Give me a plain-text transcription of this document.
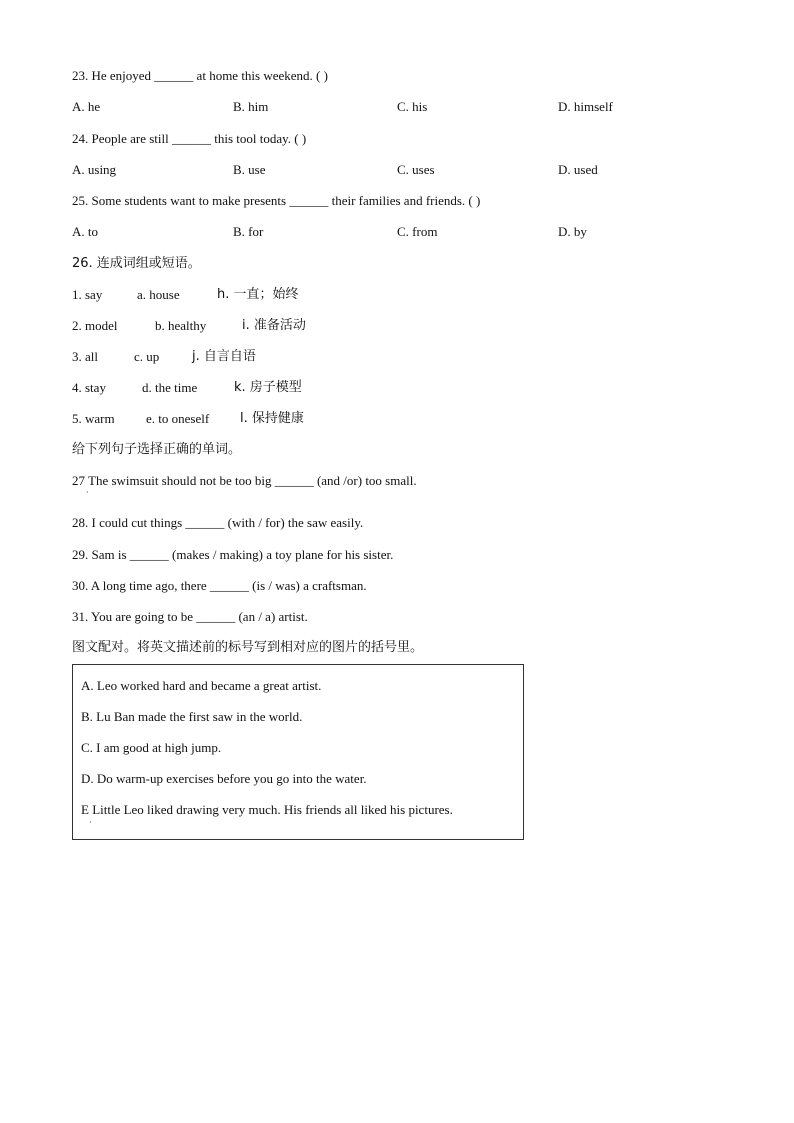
23. He enjoyed ______ at home this weekend. ( )
A. he	B. him	C. his	D. himself
24. People are still ______ this tool today. ( )
A. using	B. use	C. uses	D. used
25. Some students want to make presents ______ their families and friends. ( )
A. to	B. for	C. from	D. by
26. 连成词组或短语。
1. say	a. house	h. 一直；始终
2. model	b. healthy	i. 准备活动
3. all	c. up	j. 自言自语
4. stay	d. the time	k. 房子模型
5. warm e. to oneself l. 保持健康
给下列句子选择正确的单词。
27 The swimsuit should not be too big ______ (and /or) too small.
·
28. I could cut things ______ (with / for) the saw easily.
29. Sam is ______ (makes / making) a toy plane for his sister.
30. A long time ago, there ______ (is / was) a craftsman.
31. You are going to be ______ (an / a) artist.
图文配对。将英文描述前的标号写到相对应的图片的括号里。
A. Leo worked hard and became a great artist.
B. Lu Ban made the first saw in the world.
C. I am good at high jump.
D. Do warm-up exercises before you go into the water.
E Little Leo liked drawing very much. His friends all liked his pictures.
·
